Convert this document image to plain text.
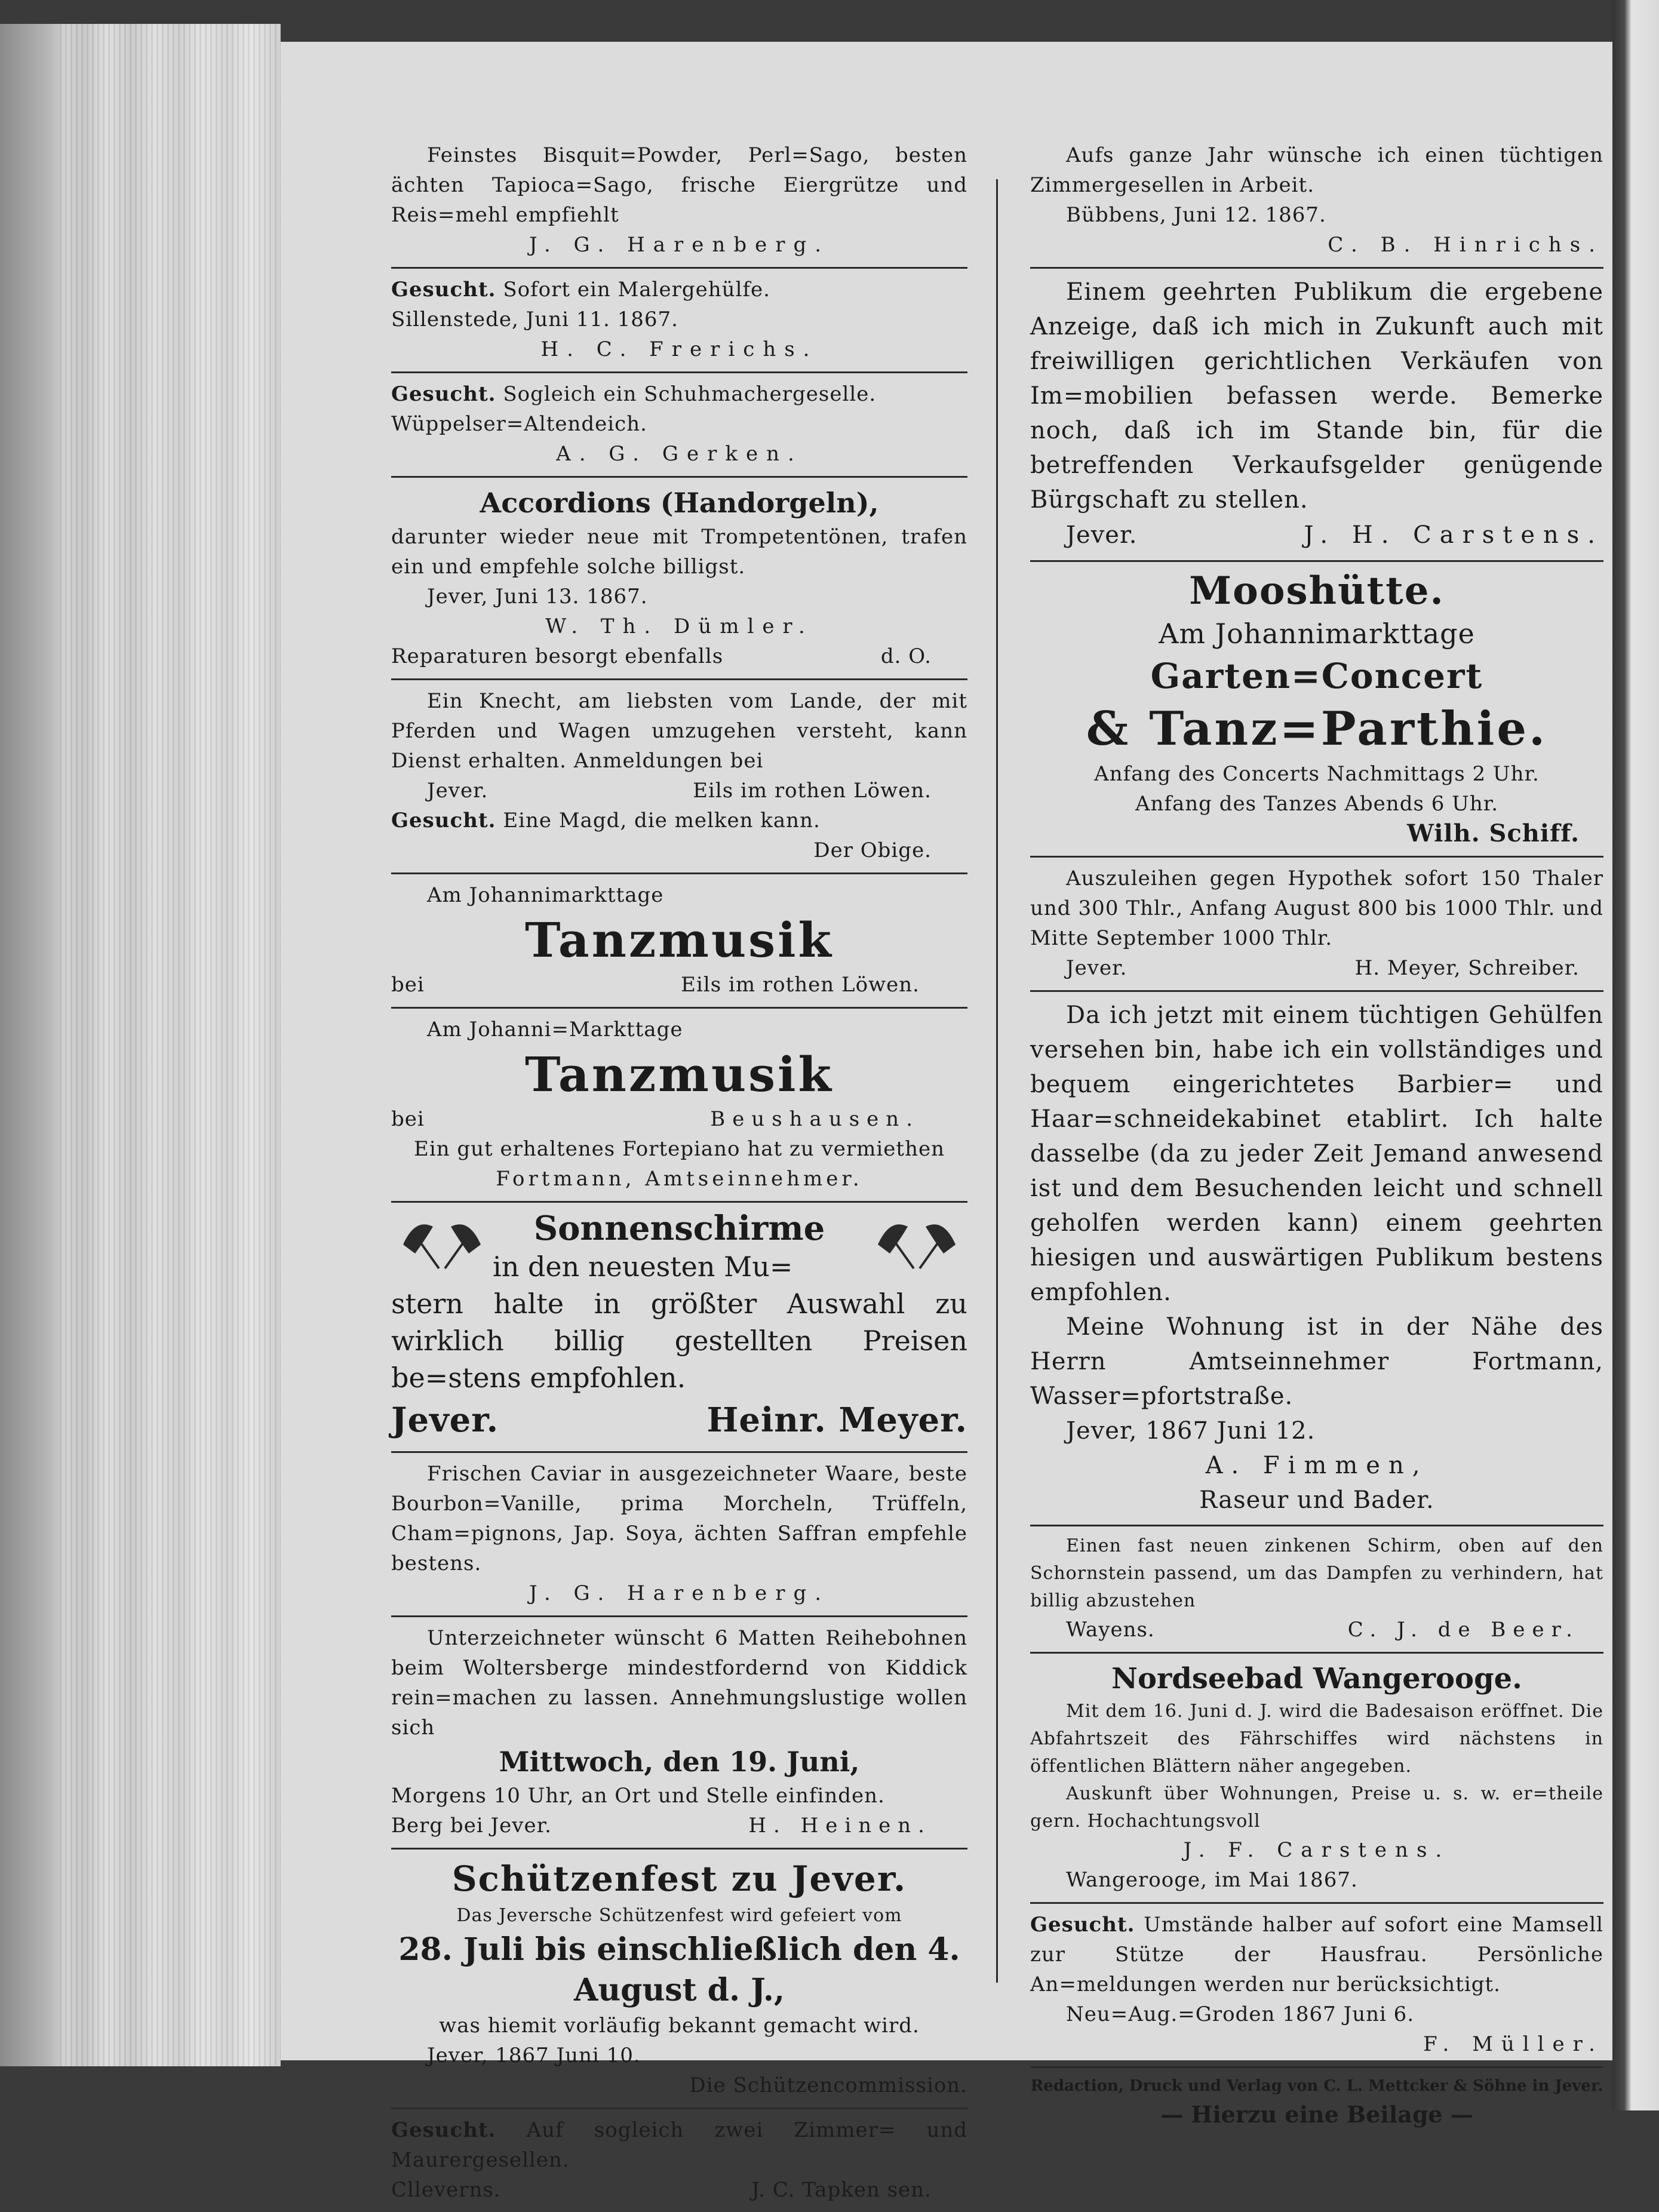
Feinstes Bisquit=Powder, Perl=Sago, besten ächten Tapioca=Sago, frische Eiergrütze und Reis=mehl empfiehlt
J. G. Harenberg.
Gesucht. Sofort ein Malergehülfe.
Sillenstede, Juni 11. 1867.
H. C. Frerichs.
Gesucht. Sogleich ein Schuhmachergeselle.
Wüppelser=Altendeich.
A. G. Gerken.
Accordions (Handorgeln),
darunter wieder neue mit Trompetentönen, trafen ein und empfehle solche billigst.
Jever, Juni 13. 1867.
W. Th. Dümler.
Reparaturen besorgt ebenfalls	d. O.
Ein Knecht, am liebsten vom Lande, der mit Pferden und Wagen umzugehen versteht, kann Dienst erhalten. Anmeldungen bei
Jever.	Eils im rothen Löwen.
Gesucht. Eine Magd, die melken kann.
Der Obige.
Am Johannimarkttage
Tanzmusik
bei	Eils im rothen Löwen.
Am Johanni=Markttage
Tanzmusik
bei	Beushausen.
Ein gut erhaltenes Fortepiano hat zu vermiethen
Fortmann, Amtseinnehmer.
Sonnenschirme
in den neuesten Mu=
stern halte in größter Auswahl zu wirklich billig gestellten Preisen be=stens empfohlen.
Jever.	Heinr. Meyer.
Frischen Caviar in ausgezeichneter Waare, beste Bourbon=Vanille, prima Morcheln, Trüffeln, Cham=pignons, Jap. Soya, ächten Saffran empfehle bestens.
J. G. Harenberg.
Unterzeichneter wünscht 6 Matten Reihebohnen beim Woltersberge mindestfordernd von Kiddick rein=machen zu lassen. Annehmungslustige wollen sich
Mittwoch, den 19. Juni,
Morgens 10 Uhr, an Ort und Stelle einfinden.
Berg bei Jever.	H. Heinen.
Schützenfest zu Jever.
Das Jeversche Schützenfest wird gefeiert vom
28. Juli bis einschließlich den 4. August d. J.,
was hiemit vorläufig bekannt gemacht wird.
Jever, 1867 Juni 10.
Die Schützencommission.
Gesucht. Auf sogleich zwei Zimmer= und Maurergesellen.
Clleverns.	J. C. Tapken sen.
Aufs ganze Jahr wünsche ich einen tüchtigen Zimmergesellen in Arbeit.
Bübbens, Juni 12. 1867.
C. B. Hinrichs.
Einem geehrten Publikum die ergebene Anzeige, daß ich mich in Zukunft auch mit freiwilligen gerichtlichen Verkäufen von Im=mobilien befassen werde. Bemerke noch, daß ich im Stande bin, für die betreffenden Verkaufsgelder genügende Bürgschaft zu stellen.
Jever.	J. H. Carstens.
Mooshütte.
Am Johannimarkttage
Garten=Concert
& Tanz=Parthie.
Anfang des Concerts Nachmittags 2 Uhr.
Anfang des Tanzes Abends 6 Uhr.
Wilh. Schiff.
Auszuleihen gegen Hypothek sofort 150 Thaler und 300 Thlr., Anfang August 800 bis 1000 Thlr. und Mitte September 1000 Thlr.
Jever.	H. Meyer, Schreiber.
Da ich jetzt mit einem tüchtigen Gehülfen versehen bin, habe ich ein vollständiges und bequem eingerichtetes Barbier= und Haar=schneidekabinet etablirt. Ich halte dasselbe (da zu jeder Zeit Jemand anwesend ist und dem Besuchenden leicht und schnell geholfen werden kann) einem geehrten hiesigen und auswärtigen Publikum bestens empfohlen.
Meine Wohnung ist in der Nähe des Herrn Amtseinnehmer Fortmann, Wasser=pfortstraße.
Jever, 1867 Juni 12.
A. Fimmen,
Raseur und Bader.
Einen fast neuen zinkenen Schirm, oben auf den Schornstein passend, um das Dampfen zu verhindern, hat billig abzustehen
Wayens.	C. J. de Beer.
Nordseebad Wangerooge.
Mit dem 16. Juni d. J. wird die Badesaison eröffnet. Die Abfahrtszeit des Fährschiffes wird nächstens in öffentlichen Blättern näher angegeben.
Auskunft über Wohnungen, Preise u. s. w. er=theile gern. Hochachtungsvoll
J. F. Carstens.
Wangerooge, im Mai 1867.
Gesucht. Umstände halber auf sofort eine Mamsell zur Stütze der Hausfrau. Persönliche An=meldungen werden nur berücksichtigt.
Neu=Aug.=Groden 1867 Juni 6.
F. Müller.
Redaction, Druck und Verlag von C. L. Mettcker & Söhne in Jever.
— Hierzu eine Beilage —
